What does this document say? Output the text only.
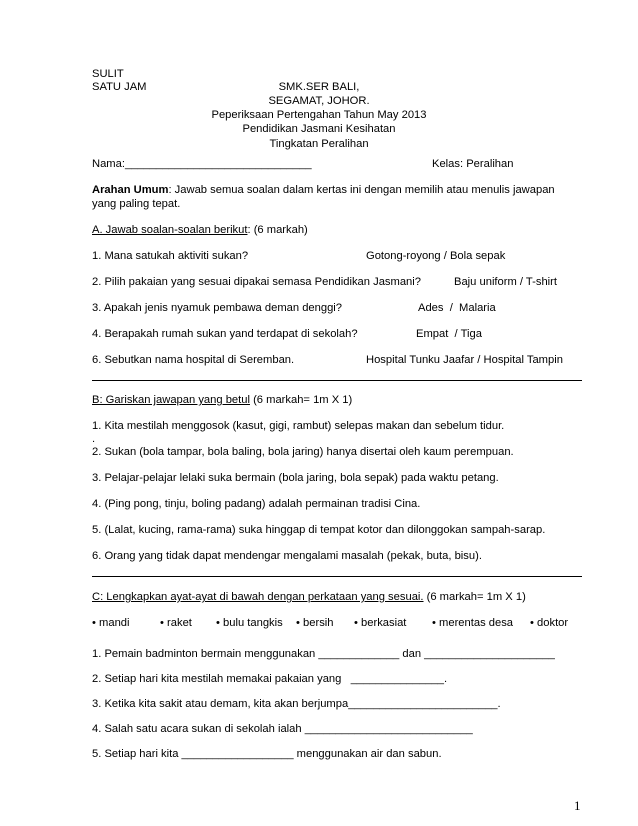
SULIT
SATU JAM	SMK.SER BALI,
SEGAMAT, JOHOR.
Peperiksaan Pertengahan Tahun May 2013
Pendidikan Jasmani Kesihatan
Tingkatan Peralihan
Nama:______________________________	Kelas: Peralihan
Arahan Umum: Jawab semua soalan dalam kertas ini dengan memilih atau menulis jawapan
yang paling tepat.
A. Jawab soalan-soalan berikut: (6 markah)
1. Mana satukah aktiviti sukan?	Gotong-royong / Bola sepak
2. Pilih pakaian yang sesuai dipakai semasa Pendidikan Jasmani?	Baju uniform / T-shirt
3. Apakah jenis nyamuk pembawa deman denggi?	Ades  /  Malaria
4. Berapakah rumah sukan yand terdapat di sekolah?	Empat  / Tiga
6. Sebutkan nama hospital di Seremban.	Hospital Tunku Jaafar / Hospital Tampin
B: Gariskan jawapan yang betul (6 markah= 1m X 1)
1. Kita mestilah menggosok (kasut, gigi, rambut) selepas makan dan sebelum tidur.
.
2. Sukan (bola tampar, bola baling, bola jaring) hanya disertai oleh kaum perempuan.
3. Pelajar-pelajar lelaki suka bermain (bola jaring, bola sepak) pada waktu petang.
4. (Ping pong, tinju, boling padang) adalah permainan tradisi Cina.
5. (Lalat, kucing, rama-rama) suka hinggap di tempat kotor dan dilonggokan sampah-sarap.
6. Orang yang tidak dapat mendengar mengalami masalah (pekak, buta, bisu).
C: Lengkapkan ayat-ayat di bawah dengan perkataan yang sesuai. (6 markah= 1m X 1)
• mandi	• raket • bulu tangkis • bersih • berkasiat • merentas desa • doktor
1. Pemain badminton bermain menggunakan _____________ dan _____________________
2. Setiap hari kita mestilah memakai pakaian yang   _______________.
3. Ketika kita sakit atau demam, kita akan berjumpa________________________.
4. Salah satu acara sukan di sekolah ialah ___________________________
5. Setiap hari kita __________________ menggunakan air dan sabun.
1
